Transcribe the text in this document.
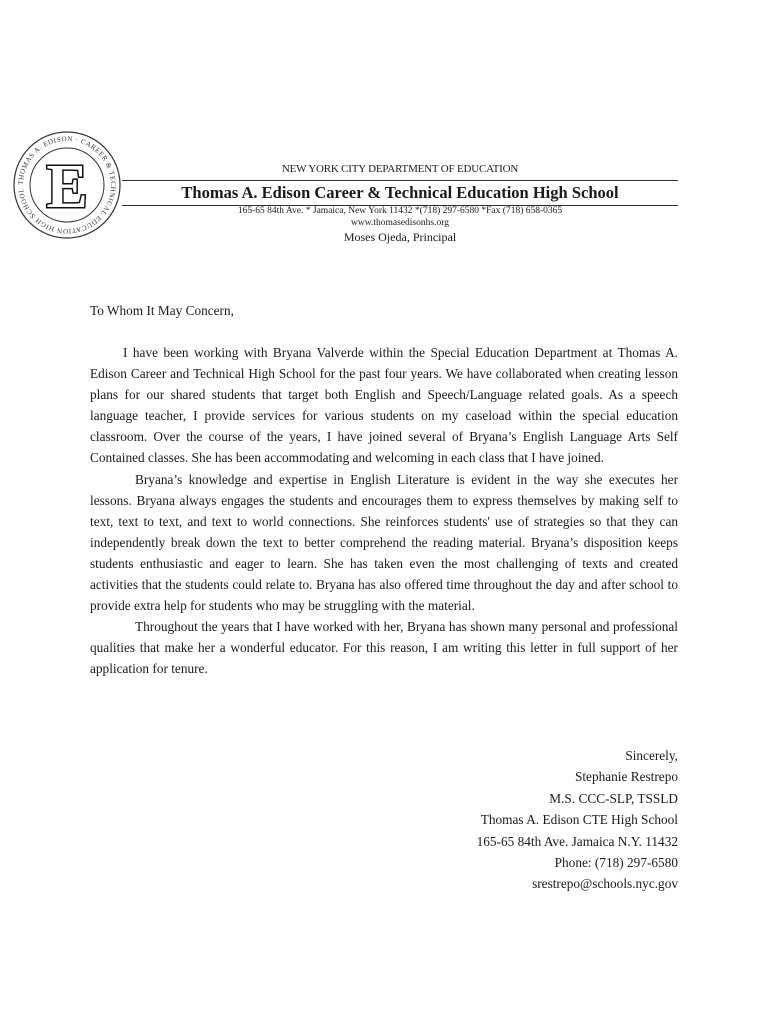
THOMAS A. EDISON · CAREER & TECHNICAL EDUCATION HIGH SCHOOL E	NEW YORK CITY DEPARTMENT OF EDUCATION
Thomas A. Edison Career & Technical Education High School
165-65 84th Ave. * Jamaica, New York 11432 *(718) 297-6580 *Fax (718) 658-0365
www.thomasedisonhs.org
Moses Ojeda, Principal
To Whom It May Concern,

I have been working with Bryana Valverde within the Special Education Department at Thomas A. Edison Career and Technical High School for the past four years. We have collaborated when creating lesson plans for our shared students that target both English and Speech/Language related goals. As a speech language teacher, I provide services for various students on my caseload within the special education classroom. Over the course of the years, I have joined several of Bryana’s English Language Arts Self Contained classes. She has been accommodating and welcoming in each class that I have joined.

Bryana’s knowledge and expertise in English Literature is evident in the way she executes her lessons. Bryana always engages the students and encourages them to express themselves by making self to text, text to text, and text to world connections. She reinforces students' use of strategies so that they can independently break down the text to better comprehend the reading material. Bryana’s disposition keeps students enthusiastic and eager to learn. She has taken even the most challenging of texts and created activities that the students could relate to. Bryana has also offered time throughout the day and after school to provide extra help for students who may be struggling with the material.

Throughout the years that I have worked with her, Bryana has shown many personal and professional qualities that make her a wonderful educator. For this reason, I am writing this letter in full support of her application for tenure.

Sincerely,
Stephanie Restrepo
M.S. CCC-SLP, TSSLD
Thomas A. Edison CTE High School
165-65 84th Ave. Jamaica N.Y. 11432
Phone: (718) 297-6580
srestrepo@schools.nyc.gov
